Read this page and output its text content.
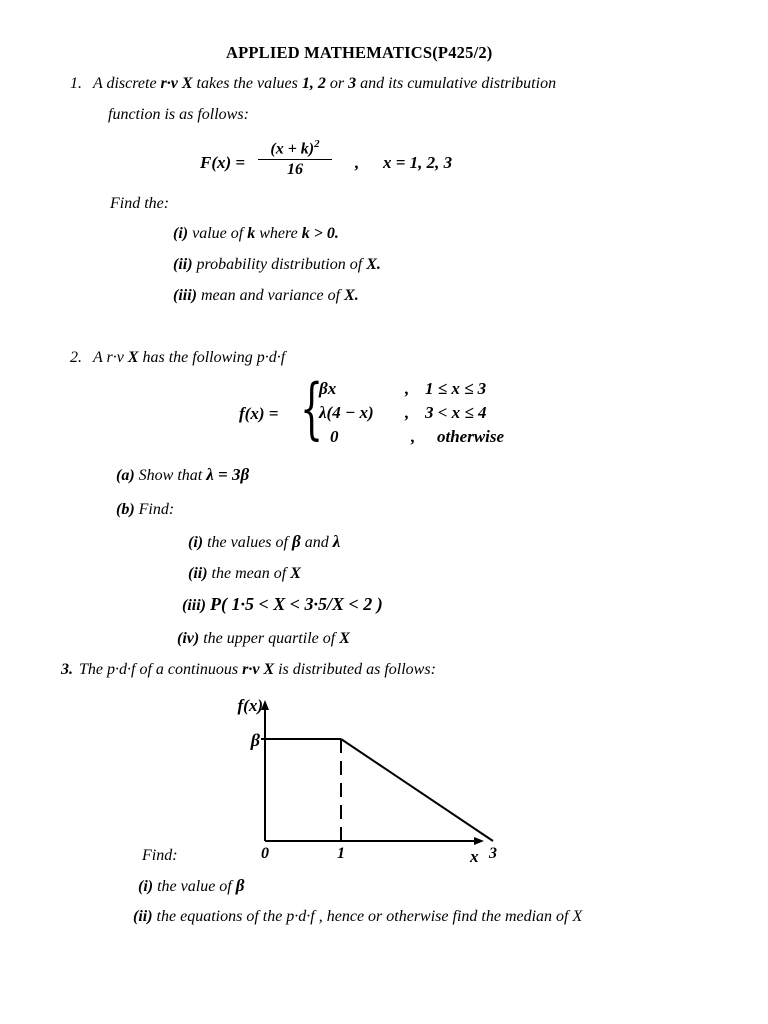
APPLIED MATHEMATICS(P425/2)
1. A discrete r·v X takes the values 1, 2 or 3 and its cumulative distribution
function is as follows:
F(x) =
$(x + k)^2$
16	, x = 1, 2, 3
Find the:
(i) value of k where k > 0.
(ii) probability distribution of X.
(iii) mean and variance of X.
2. A r·v X has the following p·d·f
f(x) = {
βx	, 1 ≤ x ≤ 3
λ(4 − x) , 3 < x ≤ 4
0	, otherwise
(a) Show that λ = 3β
(b) Find:
(i) the values of β and λ
(ii) the mean of X
(iii) P( 1·5 < X < 3·5/X < 2 )
(iv) the upper quartile of X
3. The p·d·f of a continuous r·v X is distributed as follows:
f(x)
β
x
0	1	3
Find:
(i) the value of β
(ii) the equations of the p·d·f , hence or otherwise find the median of X
